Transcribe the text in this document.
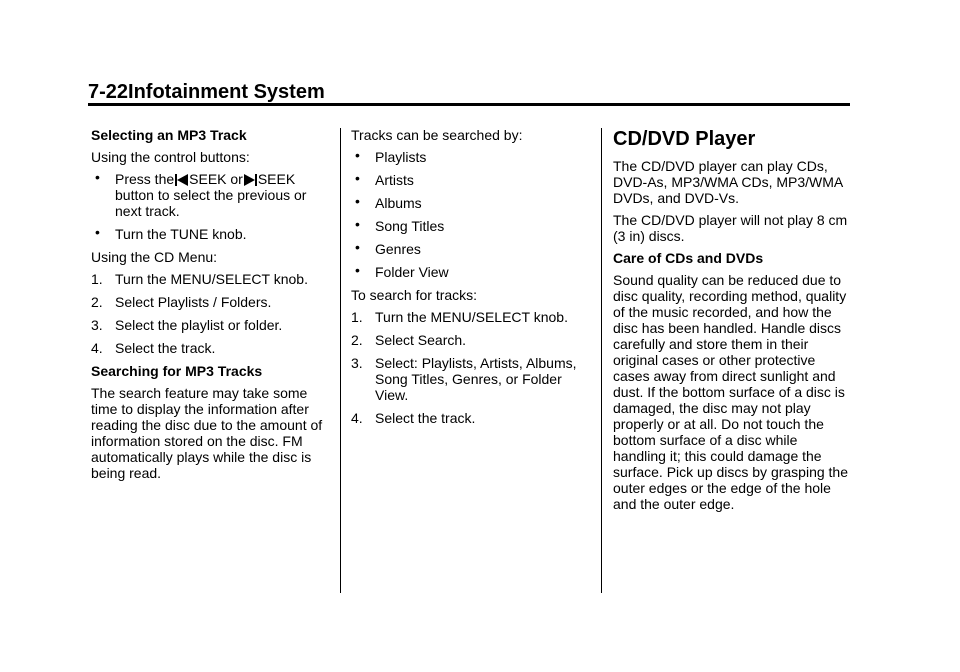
7-22Infotainment System

Selecting an MP3 Track

Using the control buttons:

• Press the SEEK or SEEK
button to select the previous or next track.
• Turn the TUNE knob.

Using the CD Menu:

1. Turn the MENU/SELECT knob.
2. Select Playlists / Folders.
3. Select the playlist or folder.
4. Select the track.

Searching for MP3 Tracks

The search feature may take some time to display the information after reading the disc due to the amount of information stored on the disc. FM automatically plays while the disc is being read.

Tracks can be searched by:

• Playlists
• Artists
• Albums
• Song Titles
• Genres
• Folder View

To search for tracks:

1. Turn the MENU/SELECT knob.
2. Select Search.
3. Select: Playlists, Artists, Albums, Song Titles, Genres, or Folder View.
4. Select the track.

CD/DVD Player

The CD/DVD player can play CDs, DVD-As, MP3/WMA CDs, MP3/WMA DVDs, and DVD-Vs.

The CD/DVD player will not play 8 cm (3 in) discs.

Care of CDs and DVDs

Sound quality can be reduced due to disc quality, recording method, quality of the music recorded, and how the disc has been handled. Handle discs carefully and store them in their original cases or other protective cases away from direct sunlight and dust. If the bottom surface of a disc is damaged, the disc may not play properly or at all. Do not touch the bottom surface of a disc while handling it; this could damage the surface. Pick up discs by grasping the outer edges or the edge of the hole and the outer edge.
